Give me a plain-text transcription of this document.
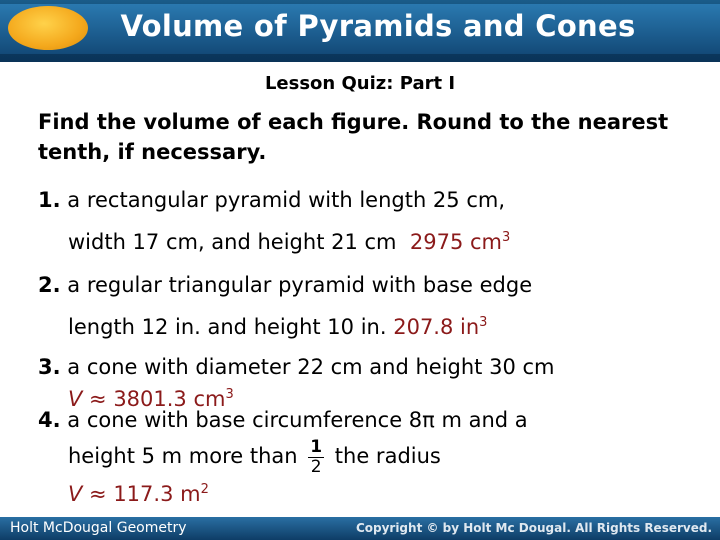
Volume of Pyramids and Cones
Lesson Quiz: Part I
Find the volume of each figure. Round to the nearest tenth, if necessary.
1. a rectangular pyramid with length 25 cm,
width 17 cm, and height 21 cm 2975 $cm^3$
2. a regular triangular pyramid with base edge
length 12 in. and height 10 in. 207.8 $in^3$
3. a cone with diameter 22 cm and height 30 cm
V ≈ 3801.3 $cm^3$
4. a cone with base circumference 8π m and a
height 5 m more than $\frac{1}{2}$ the radius
V ≈ 117.3 $m^2$
Holt McDougal Geometry	Copyright © by Holt Mc Dougal. All Rights Reserved.
